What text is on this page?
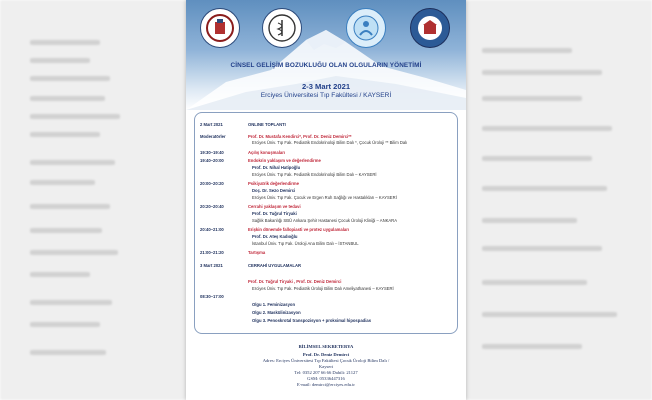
CİNSEL GELİŞİM BOZUKLUĞU OLAN OLGULARIN YÖNETİMİ
2-3 Mart 2021
Erciyes Üniversitesi Tıp Fakültesi / KAYSERİ
2 Mart 2021	ONLINE TOPLANTI
Moderatörler	Prof. Dr. Mustafa Kendirci*, Prof. Dr. Deniz Demirci**
Erciyes Üniv. Tıp Fak. Pediatrik Endokrinoloji Bilim Dalı *, Çocuk Üroloji ** Bilim Dalı
19:30–19:40	Açılış konuşmaları
19:40–20:00	Endokrin yaklaşım ve değerlendirme
Prof. Dr. Nihal Hatipoğlu
Erciyes Üniv. Tıp Fak. Pediatrik Endokrinoloji Bilim Dalı – KAYSERİ
20:00–20:20	Psikiyatrik değerlendirme
Doç. Dr. Sezo Demirci
Erciyes Üniv. Tıp Fak. Çocuk ve Ergen Ruh Sağlığı ve Hastalıkları – KAYSERİ
20:20–20:40	Cerrahi yaklaşım ve tedavi
Prof. Dr. Tuğrul Tiryaki
Sağlık Bakanlığı SBÜ Ankara Şehir Hastanesi Çocuk Üroloji Kliniği – ANKARA
20:40–21:00	Erişkin dönemde fallopiasti ve protez uygulamaları
Prof. Dr. Ateş Kadıoğlu
İstanbul Üniv. Tıp Fak. Üroloji Ana Bilim Dalı – İSTANBUL
21:00–21:20	Tartışma
3 Mart 2021	CERRAHİ UYGULAMALAR
Prof. Dr. Tuğrul Tiryaki , Prof. Dr. Deniz Demirci
Erciyes Üniv. Tıp Fak. Pediatrik Üroloji Bilim Dalı Ameliyathanesi – KAYSERİ
08:30–17:00
Olgu 1. Feminizasyon
Olgu 2. Maskülinizasyon
Olgu 3. Penoskrotal transpozisyon + proksimal hipospadias
BİLİMSEL SEKRETERYA
Prof. Dr. Deniz Demirci
Adres: Erciyes Üniversitesi Tıp Fakültesi Çocuk Üroloji Bilim Dalı /
Kayseri
Tel: 0352 207 66 66 Dahili: 21127
GSM: 05336447316
E-mail: demirci@erciyes.edu.tr
